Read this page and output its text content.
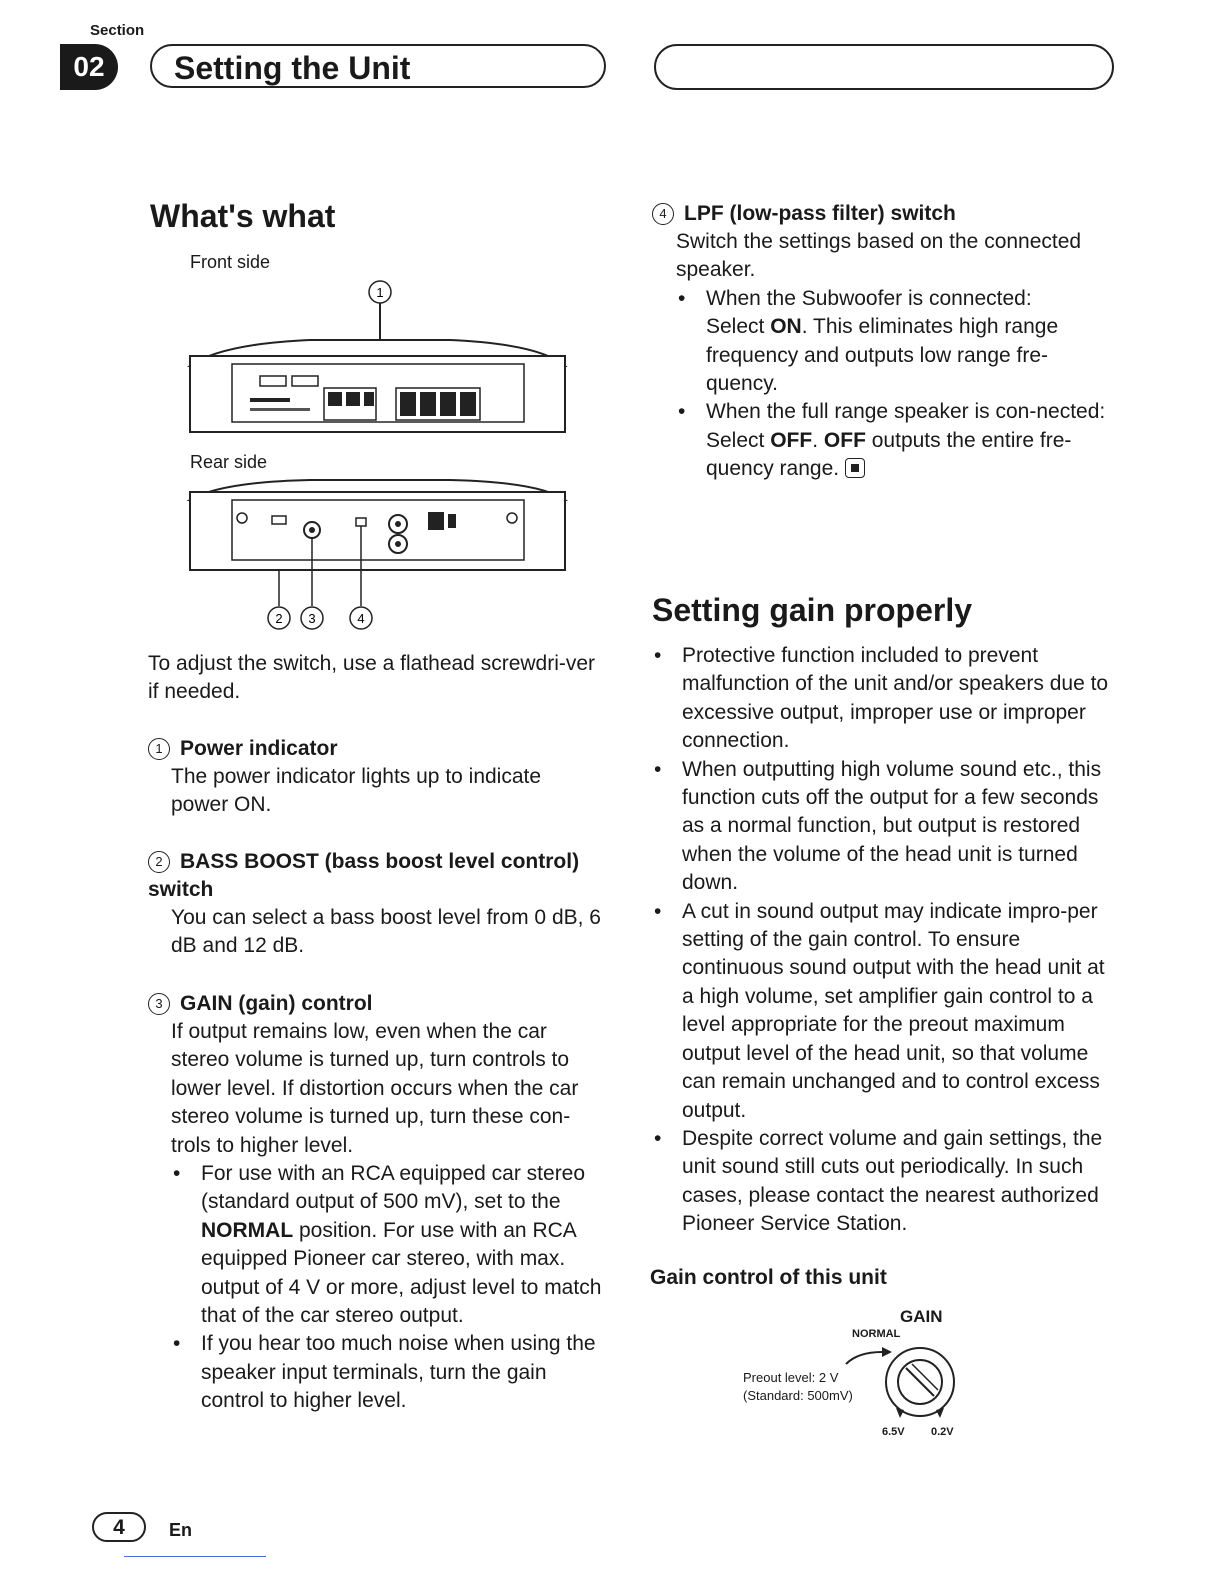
Section
02	Setting the Unit
What's what
Front side
1
Rear side
2 3	4
To adjust the switch, use a flathead screwdri-ver if needed.
1 Power indicator
The power indicator lights up to indicate power ON.
2 BASS BOOST (bass boost level control) switch
You can select a bass boost level from 0 dB, 6 dB and 12 dB.
3 GAIN (gain) control
If output remains low, even when the car stereo volume is turned up, turn controls to lower level. If distortion occurs when the car stereo volume is turned up, turn these con-trols to higher level.
• For use with an RCA equipped car stereo (standard output of 500 mV), set to the NORMAL position. For use with an RCA equipped Pioneer car stereo, with max. output of 4 V or more, adjust level to match that of the car stereo output.
• If you hear too much noise when using the speaker input terminals, turn the gain control to higher level.
4 LPF (low-pass filter) switch
Switch the settings based on the connected speaker.
• When the Subwoofer is connected:
Select ON. This eliminates high range frequency and outputs low range fre-quency.
• When the full range speaker is con-nected:
Select OFF. OFF outputs the entire fre-quency range.
Setting gain properly
• Protective function included to prevent malfunction of the unit and/or speakers due to excessive output, improper use or improper connection.
• When outputting high volume sound etc., this function cuts off the output for a few seconds as a normal function, but output is restored when the volume of the head unit is turned down.
• A cut in sound output may indicate impro-per setting of the gain control. To ensure continuous sound output with the head unit at a high volume, set amplifier gain control to a level appropriate for the preout maximum output level of the head unit, so that volume can remain unchanged and to control excess output.
• Despite correct volume and gain settings, the unit sound still cuts out periodically. In such cases, please contact the nearest authorized Pioneer Service Station.
Gain control of this unit
GAIN
NORMAL
Preout level: 2 V
(Standard: 500mV)
6.5V 0.2V
4	En
